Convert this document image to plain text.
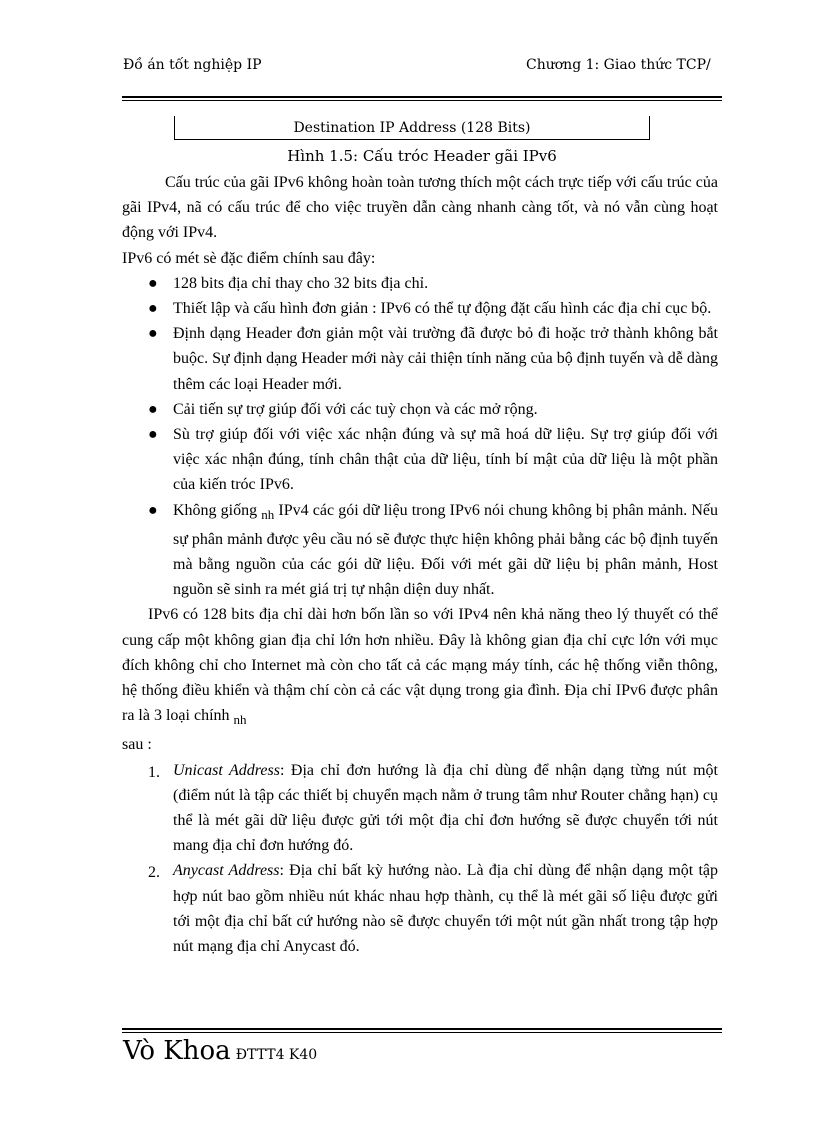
Đồ án tốt nghiệp IP	Chương 1: Giao thức TCP/
Destination IP Address (128 Bits)
Hình 1.5: Cấu tróc Header gãi IPv6

Cấu trúc của gãi IPv6 không hoàn toàn tương thích một cách trực tiếp với cấu trúc của gãi IPv4, nã có cấu trúc để cho việc truyền dẫn càng nhanh càng tốt, và nó vẫn cùng hoạt động với IPv4.

IPv6 có mét sè đặc điểm chính sau đây:

● 128 bits địa chỉ thay cho 32 bits địa chỉ.
● Thiết lập và cấu hình đơn giản : IPv6 có thể tự động đặt cấu hình các địa chỉ cục bộ.
● Định dạng Header đơn giản một vài trường đã được bỏ đi hoặc trở thành không bắt buộc. Sự định dạng Header mới này cải thiện tính năng của bộ định tuyến và dễ dàng thêm các loại Header mới.
● Cải tiến sự trợ giúp đối với các tuỳ chọn và các mở rộng.
● Sù trợ giúp đối với việc xác nhận đúng và sự mã hoá dữ liệu. Sự trợ giúp đối với việc xác nhận đúng, tính chân thật của dữ liệu, tính bí mật của dữ liệu là một phần của kiến tróc IPv6.
● Không giống $_{nh}$ IPv4 các gói dữ liệu trong IPv6 nói chung không bị phân mảnh. Nếu sự phân mảnh được yêu cầu nó sẽ được thực hiện không phải bằng các bộ định tuyến mà bằng nguồn của các gói dữ liệu. Đối với mét gãi dữ liệu bị phân mảnh, Host nguồn sẽ sinh ra mét giá trị tự nhận diện duy nhất.

IPv6 có 128 bits địa chỉ dài hơn bốn lần so với IPv4 nên khả năng theo lý thuyết có thể cung cấp một không gian địa chỉ lớn hơn nhiều. Đây là không gian địa chỉ cực lớn với mục đích không chỉ cho Internet mà còn cho tất cả các mạng máy tính, các hệ thống viễn thông, hệ thống điều khiển và thậm chí còn cả các vật dụng trong gia đình. Địa chỉ IPv6 được phân ra là 3 loại chính $_{nh}$
sau :

1. Unicast Address: Địa chỉ đơn hướng là địa chỉ dùng để nhận dạng từng nút một (điểm nút là tập các thiết bị chuyển mạch nằm ở trung tâm như Router chẳng hạn) cụ thể là mét gãi dữ liệu được gửi tới một địa chỉ đơn hướng sẽ được chuyển tới nút mang địa chỉ đơn hướng đó.
2. Anycast Address: Địa chỉ bất kỳ hướng nào. Là địa chỉ dùng để nhận dạng một tập hợp nút bao gồm nhiều nút khác nhau hợp thành, cụ thể là mét gãi số liệu được gửi tới một địa chỉ bất cứ hướng nào sẽ được chuyển tới một nút gần nhất trong tập hợp nút mạng địa chỉ Anycast đó.
Vò Khoa ĐTTT4 K40
